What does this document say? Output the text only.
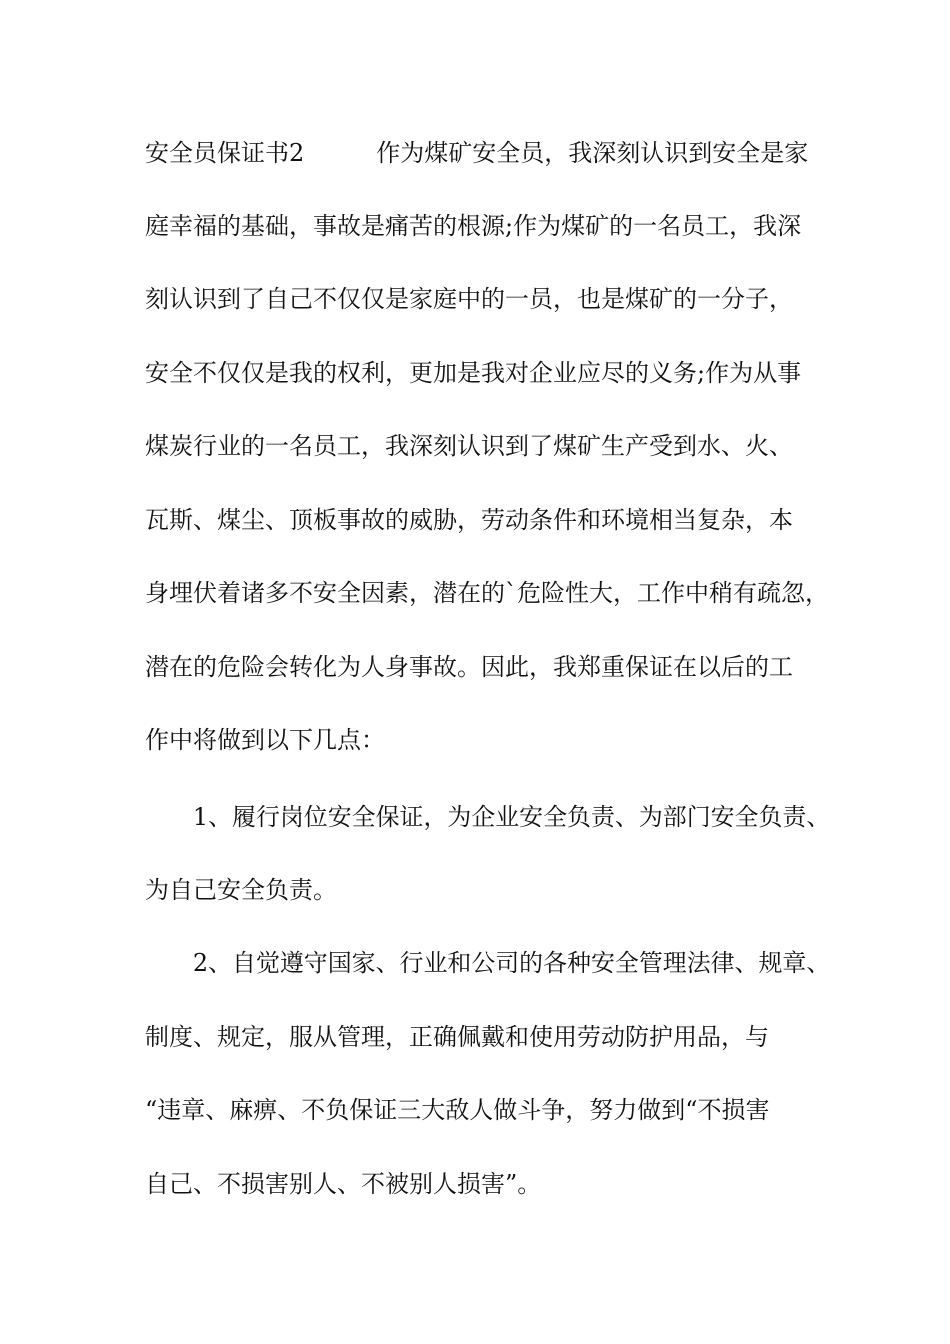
安全员保证书2　　　作为煤矿安全员，我深刻认识到安全是家
庭幸福的基础，事故是痛苦的根源;作为煤矿的一名员工，我深
刻认识到了自己不仅仅是家庭中的一员，也是煤矿的一分子，
安全不仅仅是我的权利，更加是我对企业应尽的义务;作为从事
煤炭行业的一名员工，我深刻认识到了煤矿生产受到水、火、
瓦斯、煤尘、顶板事故的威胁，劳动条件和环境相当复杂，本
身埋伏着诸多不安全因素，潜在的`危险性大，工作中稍有疏忽，
潜在的危险会转化为人身事故。因此，我郑重保证在以后的工
作中将做到以下几点：
　　1、履行岗位安全保证，为企业安全负责、为部门安全负责、
为自己安全负责。
　　2、自觉遵守国家、行业和公司的各种安全管理法律、规章、
制度、规定，服从管理，正确佩戴和使用劳动防护用品，与
“违章、麻痹、不负保证三大敌人做斗争，努力做到“不损害
自己、不损害别人、不被别人损害”。
